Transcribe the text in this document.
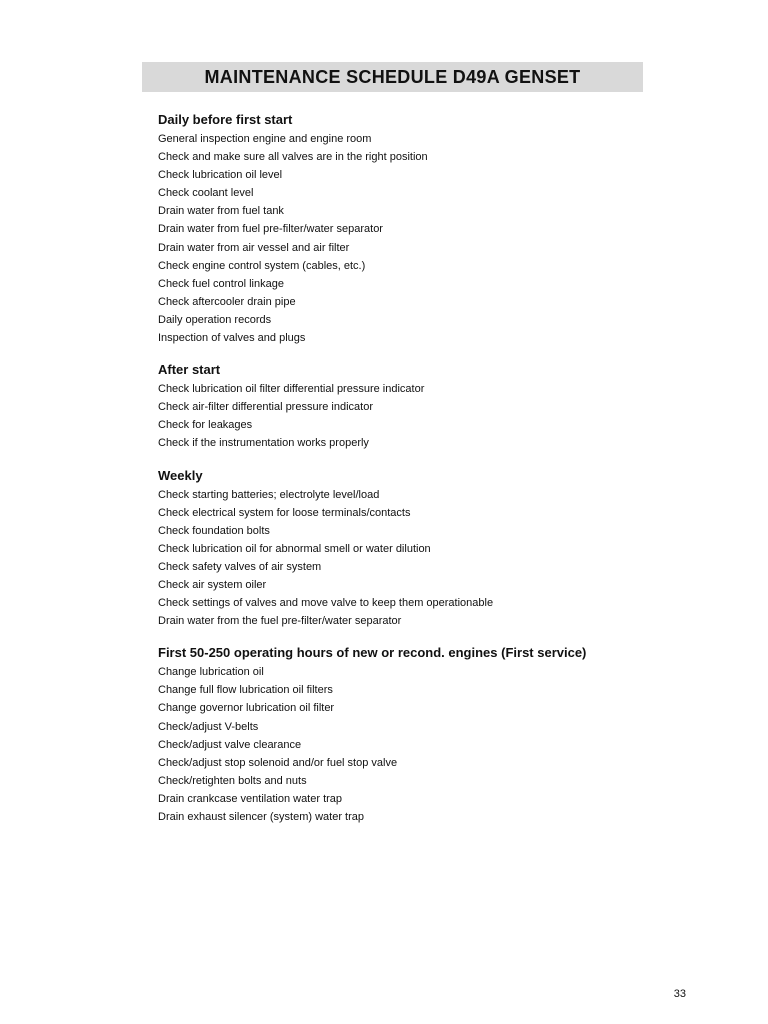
MAINTENANCE SCHEDULE D49A GENSET
Daily before first start
General inspection engine and engine room
Check and make sure all valves are in the right position
Check lubrication oil level
Check coolant level
Drain water from fuel tank
Drain water from fuel pre-filter/water separator
Drain water from air vessel and air filter
Check engine control system (cables, etc.)
Check fuel control linkage
Check aftercooler drain pipe
Daily operation records
Inspection of valves and plugs
After start
Check lubrication oil filter differential pressure indicator
Check air-filter differential pressure indicator
Check for leakages
Check if the instrumentation works properly
Weekly
Check starting batteries; electrolyte level/load
Check electrical system for loose terminals/contacts
Check foundation bolts
Check lubrication oil for abnormal smell or water dilution
Check safety valves of air system
Check air system oiler
Check settings of valves and move valve to keep them operationable
Drain water from the fuel pre-filter/water separator
First 50-250 operating hours of new or recond. engines (First service)
Change lubrication oil
Change full flow lubrication oil filters
Change governor lubrication oil filter
Check/adjust V-belts
Check/adjust valve clearance
Check/adjust stop solenoid and/or fuel stop valve
Check/retighten bolts and nuts
Drain crankcase ventilation water trap
Drain exhaust silencer (system) water trap
33
